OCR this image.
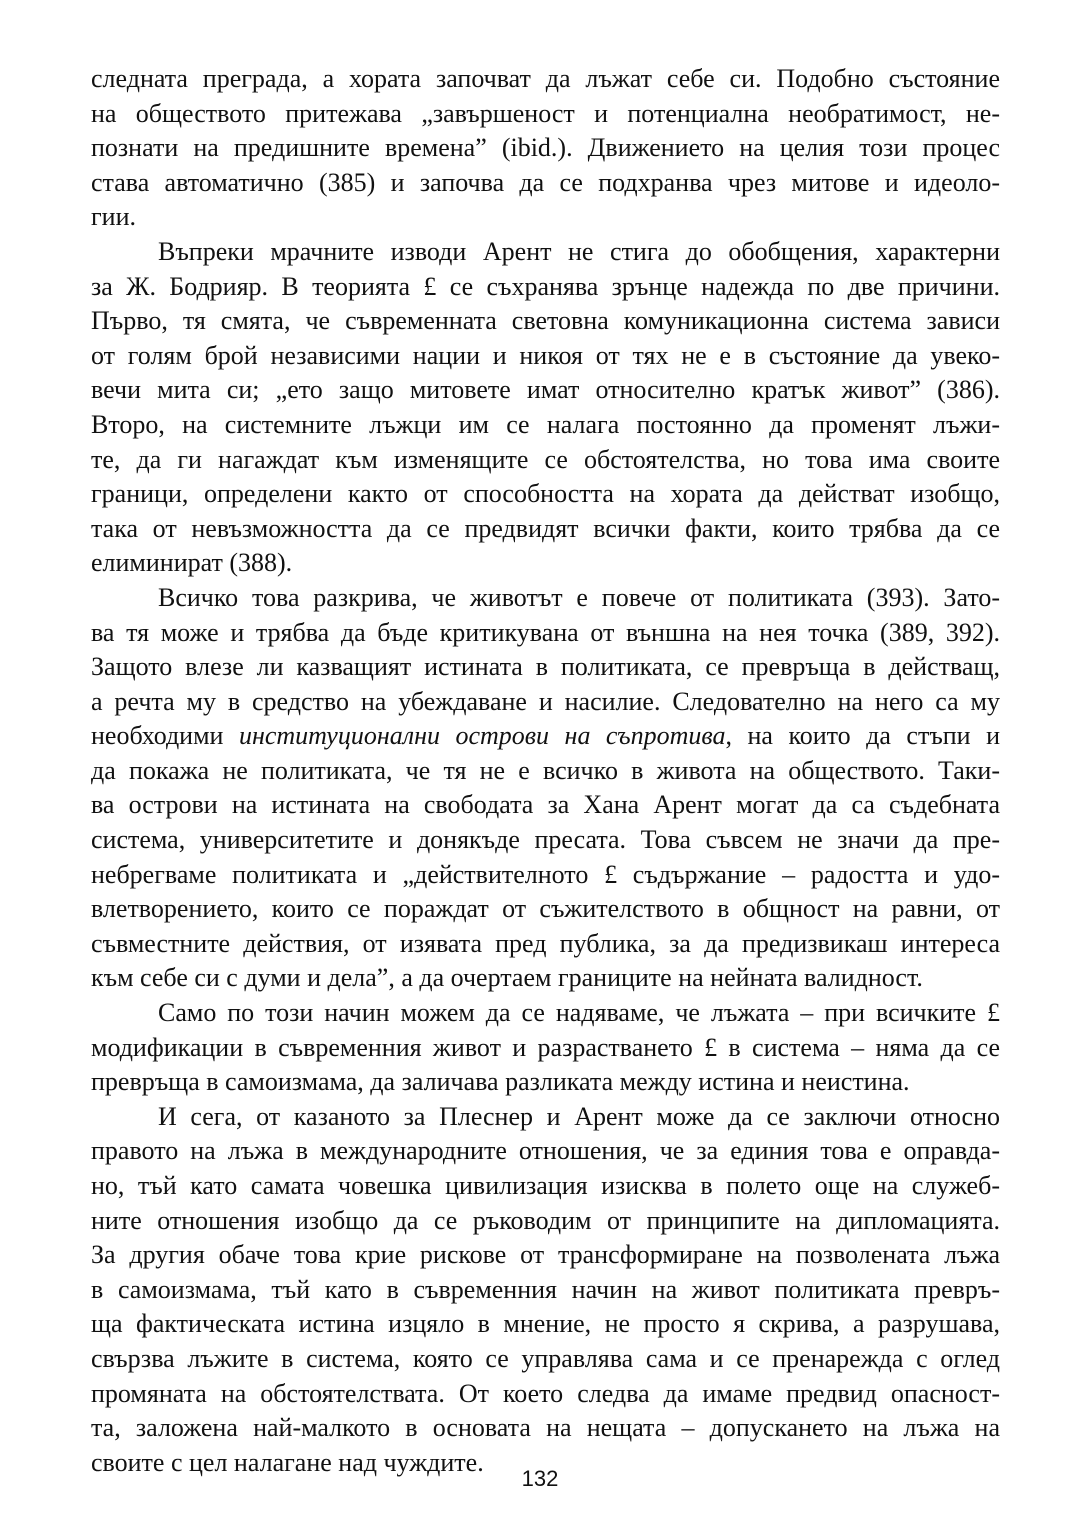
следната преграда, а хората започват да лъжат себе си. Подобно състояние
на обществото притежава „завършеност и потенциална необратимост, не-
познати на предишните времена” (ibid.). Движението на целия този процес
става автоматично (385) и започва да се подхранва чрез митове и идеоло-
гии.
Въпреки мрачните изводи Арент не стига до обобщения, характерни
за Ж. Бодрияр. В теорията £ се съхранява зрънце надежда по две причини.
Първо, тя смята, че съвременната световна комуникационна система зависи
от голям брой независими нации и никоя от тях не е в състояние да увеко-
вечи мита си; „ето защо митовете имат относително кратък живот” (386).
Второ, на системните лъжци им се налага постоянно да променят лъжи-
те, да ги нагаждат към изменящите се обстоятелства, но това има своите
граници, определени както от способността на хората да действат изобщо,
така от невъзможността да се предвидят всички факти, които трябва да се
елиминират (388).
Всичко това разкрива, че животът е повече от политиката (393). Зато-
ва тя може и трябва да бъде критикувана от външна на нея точка (389, 392).
Защото влезе ли казващият истината в политиката, се превръща в действащ,
а речта му в средство на убеждаване и насилие. Следователно на него са му
необходими институционални острови на съпротива, на които да стъпи и
да покажа не политиката, че тя не е всичко в живота на обществото. Таки-
ва острови на истината на свободата за Хана Арент могат да са съдебната
система, университетите и донякъде пресата. Това съвсем не значи да пре-
небрегваме политиката и „действителното £ съдържание – радостта и удо-
влетворението, които се пораждат от съжителството в общност на равни, от
съвместните действия, от изявата пред публика, за да предизвикаш интереса
към себе си с думи и дела”, а да очертаем границите на нейната валидност.
Само по този начин можем да се надяваме, че лъжата – при всичките £
модификации в съвременния живот и разрастването £ в система – няма да се
превръща в самоизмама, да заличава разликата между истина и неистина.
И сега, от казаното за Плеснер и Арент може да се заключи относно
правото на лъжа в международните отношения, че за единия това е оправда-
но, тъй като самата човешка цивилизация изисква в полето още на служеб-
ните отношения изобщо да се ръководим от принципите на дипломацията.
За другия обаче това крие рискове от трансформиране на позволената лъжа
в самоизмама, тъй като в съвременния начин на живот политиката превръ-
ща фактическата истина изцяло в мнение, не просто я скрива, а разрушава,
свързва лъжите в система, която се управлява сама и се пренарежда с оглед
промяната на обстоятелствата. От което следва да имаме предвид опасност-
та, заложена най-малкото в основата на нещата – допускането на лъжа на
своите с цел налагане над чуждите.
132
